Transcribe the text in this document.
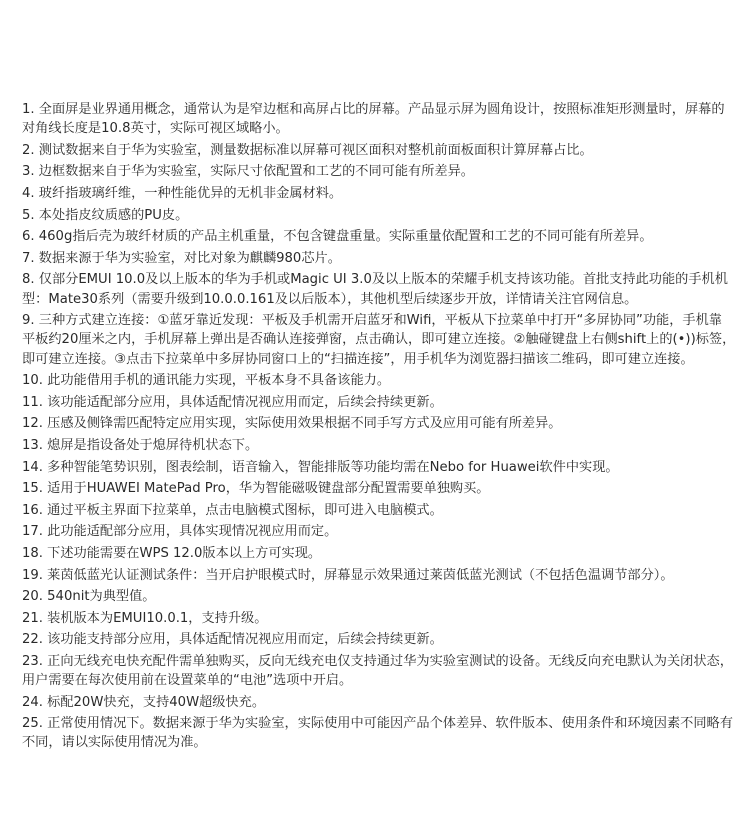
1. 全面屏是业界通用概念，通常认为是窄边框和高屏占比的屏幕。产品显示屏为圆角设计，按照标准矩形测量时，屏幕的对角线长度是10.8英寸，实际可视区域略小。

2. 测试数据来自于华为实验室，测量数据标准以屏幕可视区面积对整机前面板面积计算屏幕占比。

3. 边框数据来自于华为实验室，实际尺寸依配置和工艺的不同可能有所差异。

4. 玻纤指玻璃纤维，一种性能优异的无机非金属材料。

5. 本处指皮纹质感的PU皮。

6. 460g指后壳为玻纤材质的产品主机重量，不包含键盘重量。实际重量依配置和工艺的不同可能有所差异。

7. 数据来源于华为实验室，对比对象为麒麟980芯片。

8. 仅部分EMUI 10.0及以上版本的华为手机或Magic UI 3.0及以上版本的荣耀手机支持该功能。首批支持此功能的手机机型：Mate30系列（需要升级到10.0.0.161及以后版本），其他机型后续逐步开放，详情请关注官网信息。

9. 三种方式建立连接：①蓝牙靠近发现：平板及手机需开启蓝牙和Wifi，平板从下拉菜单中打开“多屏协同”功能，手机靠　平板约20厘米之内，手机屏幕上弹出是否确认连接弹窗，点击确认，即可建立连接。②触碰键盘上右侧shift上的(•))标签，即可建立连接。③点击下拉菜单中多屏协同窗口上的“扫描连接”，用手机华为浏览器扫描该二维码，即可建立连接。

10. 此功能借用手机的通讯能力实现，平板本身不具备该能力。

11. 该功能适配部分应用，具体适配情况视应用而定，后续会持续更新。

12. 压感及侧锋需匹配特定应用实现，实际使用效果根据不同手写方式及应用可能有所差异。

13. 熄屏是指设备处于熄屏待机状态下。

14. 多种智能笔势识别，图表绘制，语音输入，智能排版等功能均需在Nebo for Huawei软件中实现。

15. 适用于HUAWEI MatePad Pro，华为智能磁吸键盘部分配置需要单独购买。

16. 通过平板主界面下拉菜单，点击电脑模式图标，即可进入电脑模式。

17. 此功能适配部分应用，具体实现情况视应用而定。

18. 下述功能需要在WPS 12.0版本以上方可实现。

19. 莱茵低蓝光认证测试条件：当开启护眼模式时，屏幕显示效果通过莱茵低蓝光测试（不包括色温调节部分）。

20. 540nit为典型值。

21. 装机版本为EMUI10.0.1，支持升级。

22. 该功能支持部分应用，具体适配情况视应用而定，后续会持续更新。

23. 正向无线充电快充配件需单独购买，反向无线充电仅支持通过华为实验室测试的设备。无线反向充电默认为关闭状态，用户需要在每次使用前在设置菜单的“电池”选项中开启。

24. 标配20W快充，支持40W超级快充。

25. 正常使用情况下。数据来源于华为实验室，实际使用中可能因产品个体差异、软件版本、使用条件和环境因素不同略有不同，请以实际使用情况为准。
